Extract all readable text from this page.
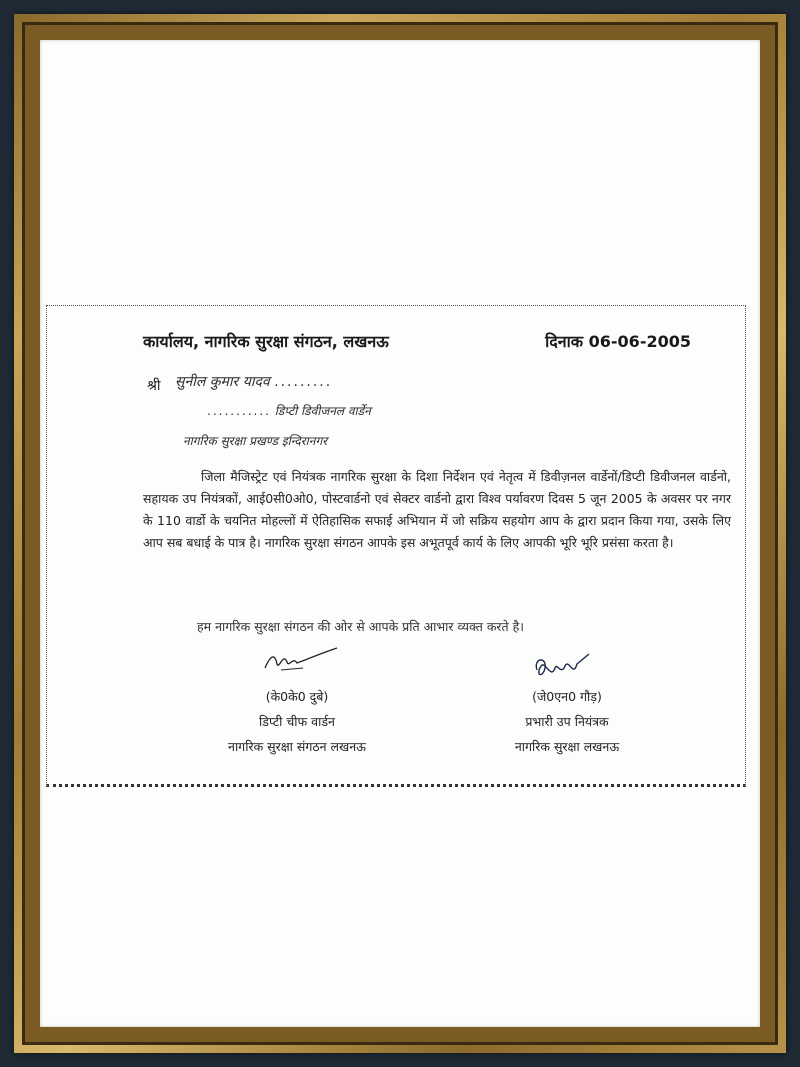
कार्यालय, नागरिक सुरक्षा संगठन, लखनऊ	दिनाक 06-06-2005
श्री सुनील कुमार यादव .........
........... डिप्टी डिवीजनल वार्डेन
नागरिक सुरक्षा प्रखण्ड इन्दिरानगर
जिला मैजिस्ट्रेट एवं नियंत्रक नागरिक सुरक्षा के दिशा निर्देशन एवं नेतृत्व में डिवीज़नल वार्डेनों/डिप्टी डिवीजनल वार्डनो, सहायक उप नियंत्रकों, आई0सी0ओ0, पोस्टवार्डनो एवं सेक्टर वार्डनो द्वारा विश्व पर्यावरण दिवस 5 जून 2005 के अवसर पर नगर के 110 वार्डो के चयनित मोहल्लों में ऐतिहासिक सफाई अभियान में जो सक्रिय सहयोग आप के द्वारा प्रदान किया गया, उसके लिए आप सब बधाई के पात्र है। नागरिक सुरक्षा संगठन आपके इस अभूतपूर्व कार्य के लिए आपकी भूरि भूरि प्रसंसा करता है।
हम नागरिक सुरक्षा संगठन की ओर से आपके प्रति आभार व्यक्त करते है।
(के0के0 दुबे)
डिप्टी चीफ वार्डन
नागरिक सुरक्षा संगठन लखनऊ
(जे0एन0 गौड़)
प्रभारी उप नियंत्रक
नागरिक सुरक्षा लखनऊ
